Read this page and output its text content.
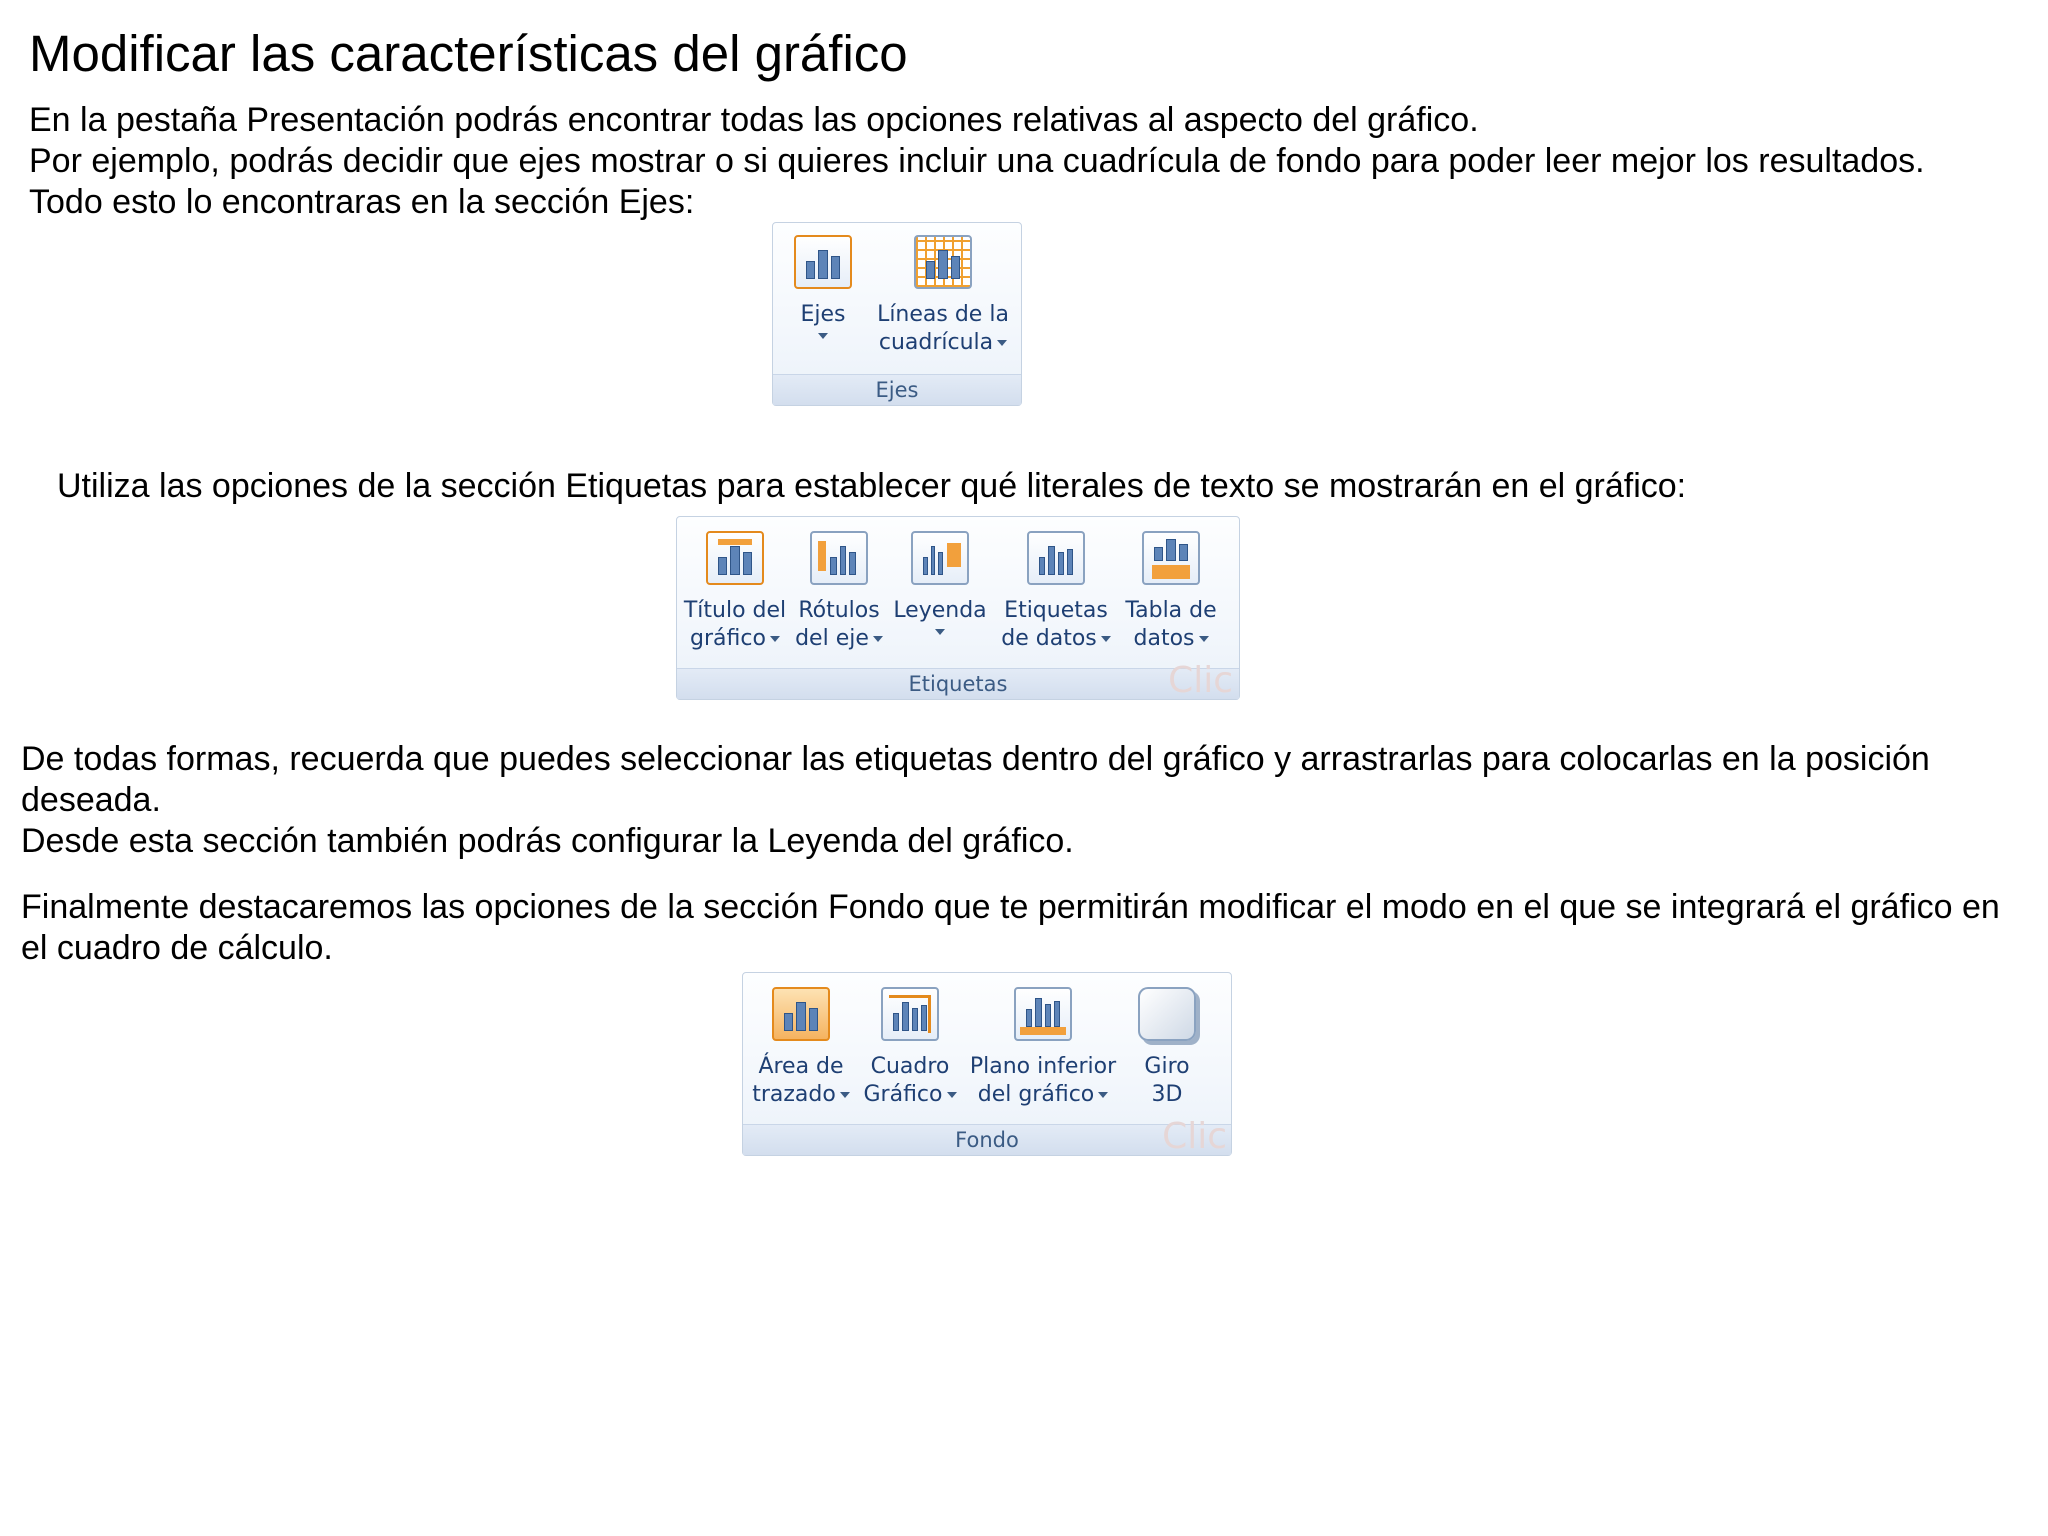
Modificar las características del gráfico
En la pestaña Presentación podrás encontrar todas las opciones relativas al aspecto del gráfico.
Por ejemplo, podrás decidir que ejes mostrar o si quieres incluir una cuadrícula de fondo para poder leer mejor los resultados.
Todo esto lo encontraras en la sección Ejes:
Ejes	Líneas de la
cuadrícula
Ejes
Utiliza las opciones de la sección Etiquetas para establecer qué literales de texto se mostrarán en el gráfico:
Título del
gráfico
Rótulos
del eje
Leyenda Etiquetas
de datos
Tabla de
datos
Etiquetas	Clic
De todas formas, recuerda que puedes seleccionar las etiquetas dentro del gráfico y arrastrarlas para colocarlas en la posición deseada.
Desde esta sección también podrás configurar la Leyenda del gráfico.
Finalmente destacaremos las opciones de la sección Fondo que te permitirán modificar el modo en el que se integrará el gráfico en el cuadro de cálculo.
Área de
trazado
Cuadro
Gráfico
Plano inferior
del gráfico
Giro
3D
Fondo	Clic
